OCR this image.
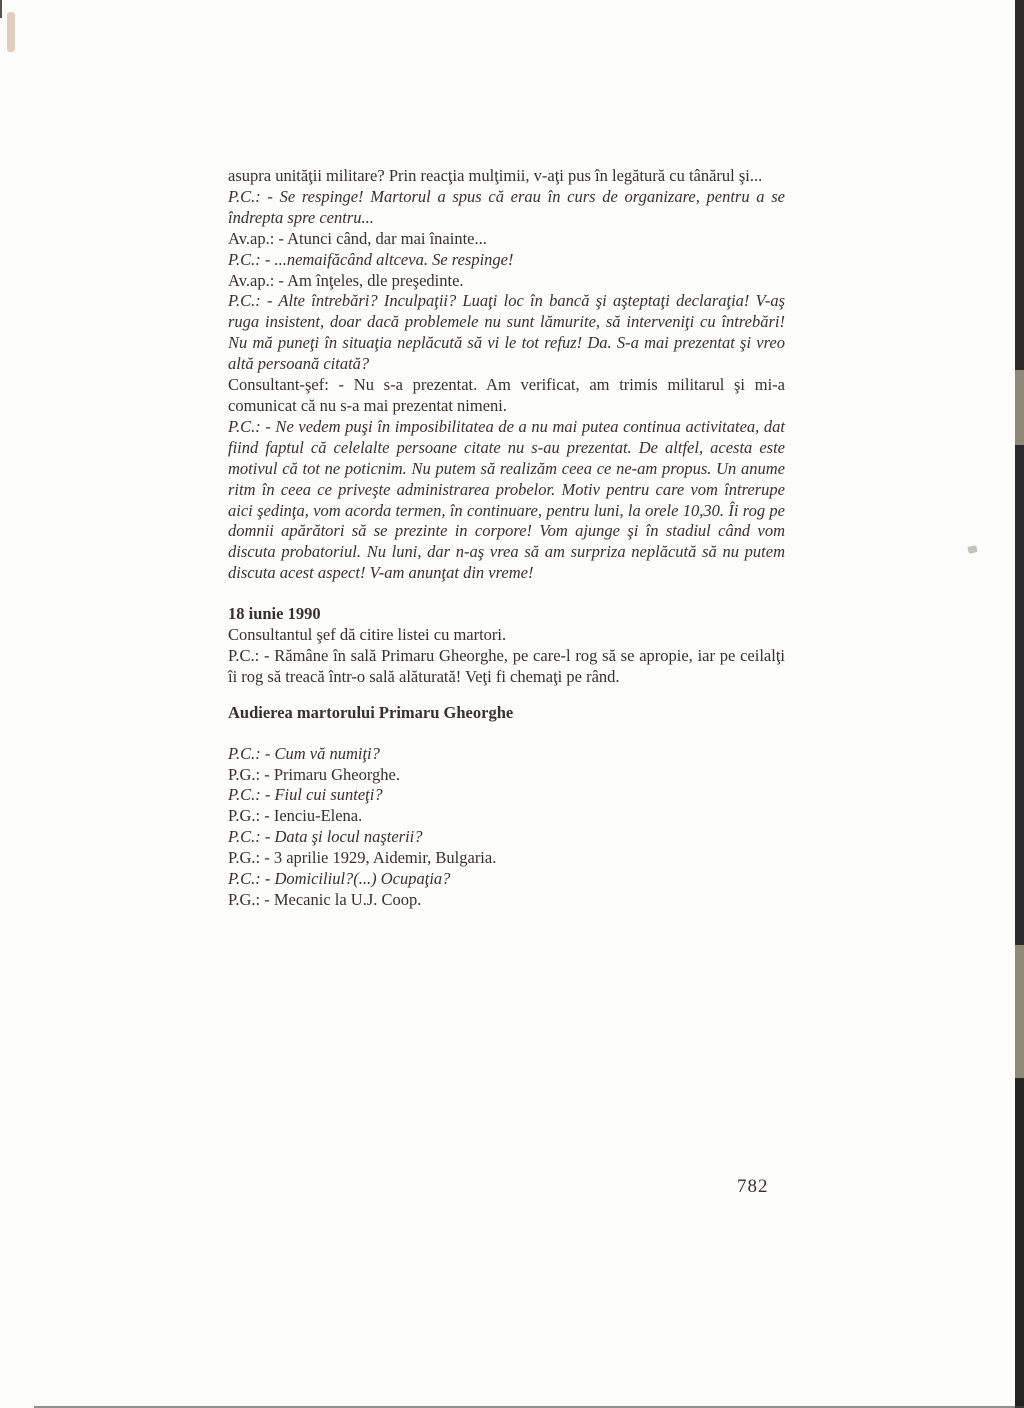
asupra unităţii militare? Prin reacţia mulţimii, v-aţi pus în legătură cu tânărul şi...

P.C.: - Se respinge! Martorul a spus că erau în curs de organizare, pentru a se îndrepta spre centru...

Av.ap.: - Atunci când, dar mai înainte...

P.C.: - ...nemaifăcând altceva. Se respinge!

Av.ap.: - Am înţeles, dle preşedinte.

P.C.: - Alte întrebări? Inculpaţii? Luaţi loc în bancă şi aşteptaţi declaraţia! V-aş ruga insistent, doar dacă problemele nu sunt lămurite, să interveniţi cu întrebări! Nu mă puneţi în situaţia neplăcută să vi le tot refuz! Da. S-a mai prezentat şi vreo altă persoană citată?

Consultant-şef: - Nu s-a prezentat. Am verificat, am trimis militarul şi mi-a comunicat că nu s-a mai prezentat nimeni.

P.C.: - Ne vedem puşi în imposibilitatea de a nu mai putea continua activitatea, dat fiind faptul că celelalte persoane citate nu s-au prezentat. De altfel, acesta este motivul că tot ne poticnim. Nu putem să realizăm ceea ce ne-am propus. Un anume ritm în ceea ce priveşte administrarea probelor. Motiv pentru care vom întrerupe aici şedinţa, vom acorda termen, în continuare, pentru luni, la orele 10,30. Îi rog pe domnii apărători să se prezinte in corpore! Vom ajunge şi în stadiul când vom discuta probatoriul. Nu luni, dar n-aş vrea să am surpriza neplăcută să nu putem discuta acest aspect! V-am anunţat din vreme!

18 iunie 1990

Consultantul şef dă citire listei cu martori.

P.C.: - Rămâne în sală Primaru Gheorghe, pe care-l rog să se apropie, iar pe ceilalţi îi rog să treacă într-o sală alăturată! Veţi fi chemaţi pe rând.

Audierea martorului Primaru Gheorghe

P.C.: - Cum vă numiţi?

P.G.: - Primaru Gheorghe.

P.C.: - Fiul cui sunteţi?

P.G.: - Ienciu-Elena.

P.C.: - Data şi locul naşterii?

P.G.: - 3 aprilie 1929, Aidemir, Bulgaria.

P.C.: - Domiciliul?(...) Ocupaţia?

P.G.: - Mecanic la U.J. Coop.

782
